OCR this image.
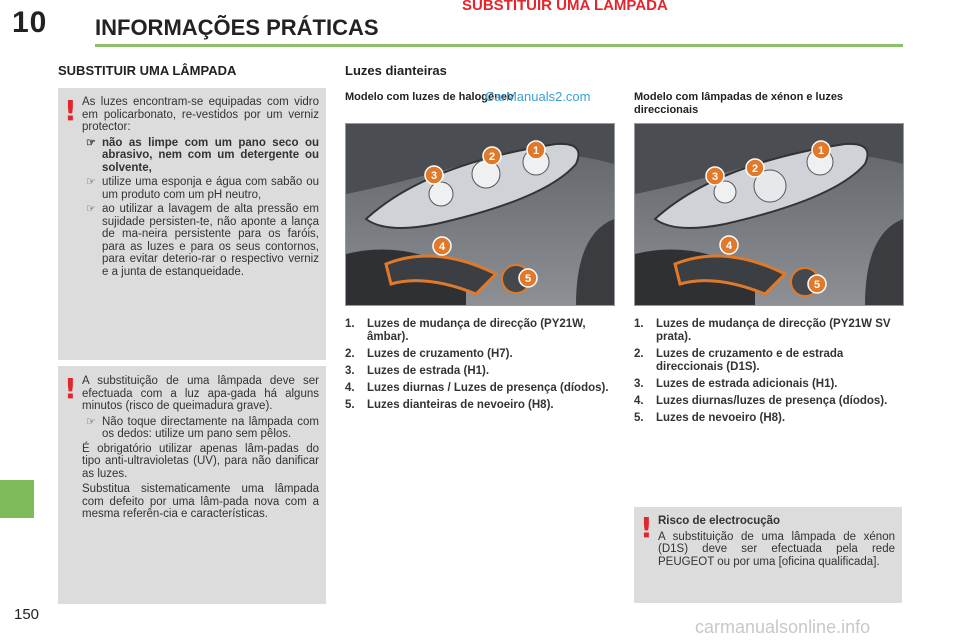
10 INFORMAÇÕES PRÁTICAS
SUBSTITUIR UMA LAMPADA
SUBSTITUIR UMA LÂMPADA
! As luzes encontram-se equipadas com vidro em policarbonato, re-vestidos por um verniz protector:

☞ não as limpe com um pano seco ou abrasivo, nem com um detergente ou solvente,
☞ utilize uma esponja e água com sabão ou um produto com um pH neutro,
☞ ao utilizar a lavagem de alta pressão em sujidade persisten-te, não aponte a lança de ma-neira persistente para os faróis, para as luzes e para os seus contornos, para evitar deterio-rar o respectivo verniz e a junta de estanqueidade.
! A substituição de uma lâmpada deve ser efectuada com a luz apa-gada há alguns minutos (risco de queimadura grave).

☞ Não toque directamente na lâmpada com os dedos: utilize um pano sem pêlos.

É obrigatório utilizar apenas lâm-padas do tipo anti-ultravioletas (UV), para não danificar as luzes.

Substitua sistematicamente uma lâmpada com defeito por uma lâm-pada nova com a mesma referên-cia e características.

Luzes dianteiras
Modelo com luzes de halogéneo
CarManuals2.com
1
2
3
4
5
1. Luzes de mudança de direcção (PY21W, âmbar).
2. Luzes de cruzamento (H7).
3. Luzes de estrada (H1).
4. Luzes diurnas / Luzes de presença (díodos).
5. Luzes dianteiras de nevoeiro (H8).
Modelo com lâmpadas de xénon e luzes direccionais
1
2
3
4
5
1. Luzes de mudança de direcção (PY21W SV prata).
2. Luzes de cruzamento e de estrada direccionais (D1S).
3. Luzes de estrada adicionais (H1).
4. Luzes diurnas/luzes de presença (díodos).
5. Luzes de nevoeiro (H8).
! Risco de electrocução

A substituição de uma lâmpada de xénon (D1S) deve ser efectuada pela rede PEUGEOT ou por uma [oficina qualificada].

150
carmanualsonline.info
